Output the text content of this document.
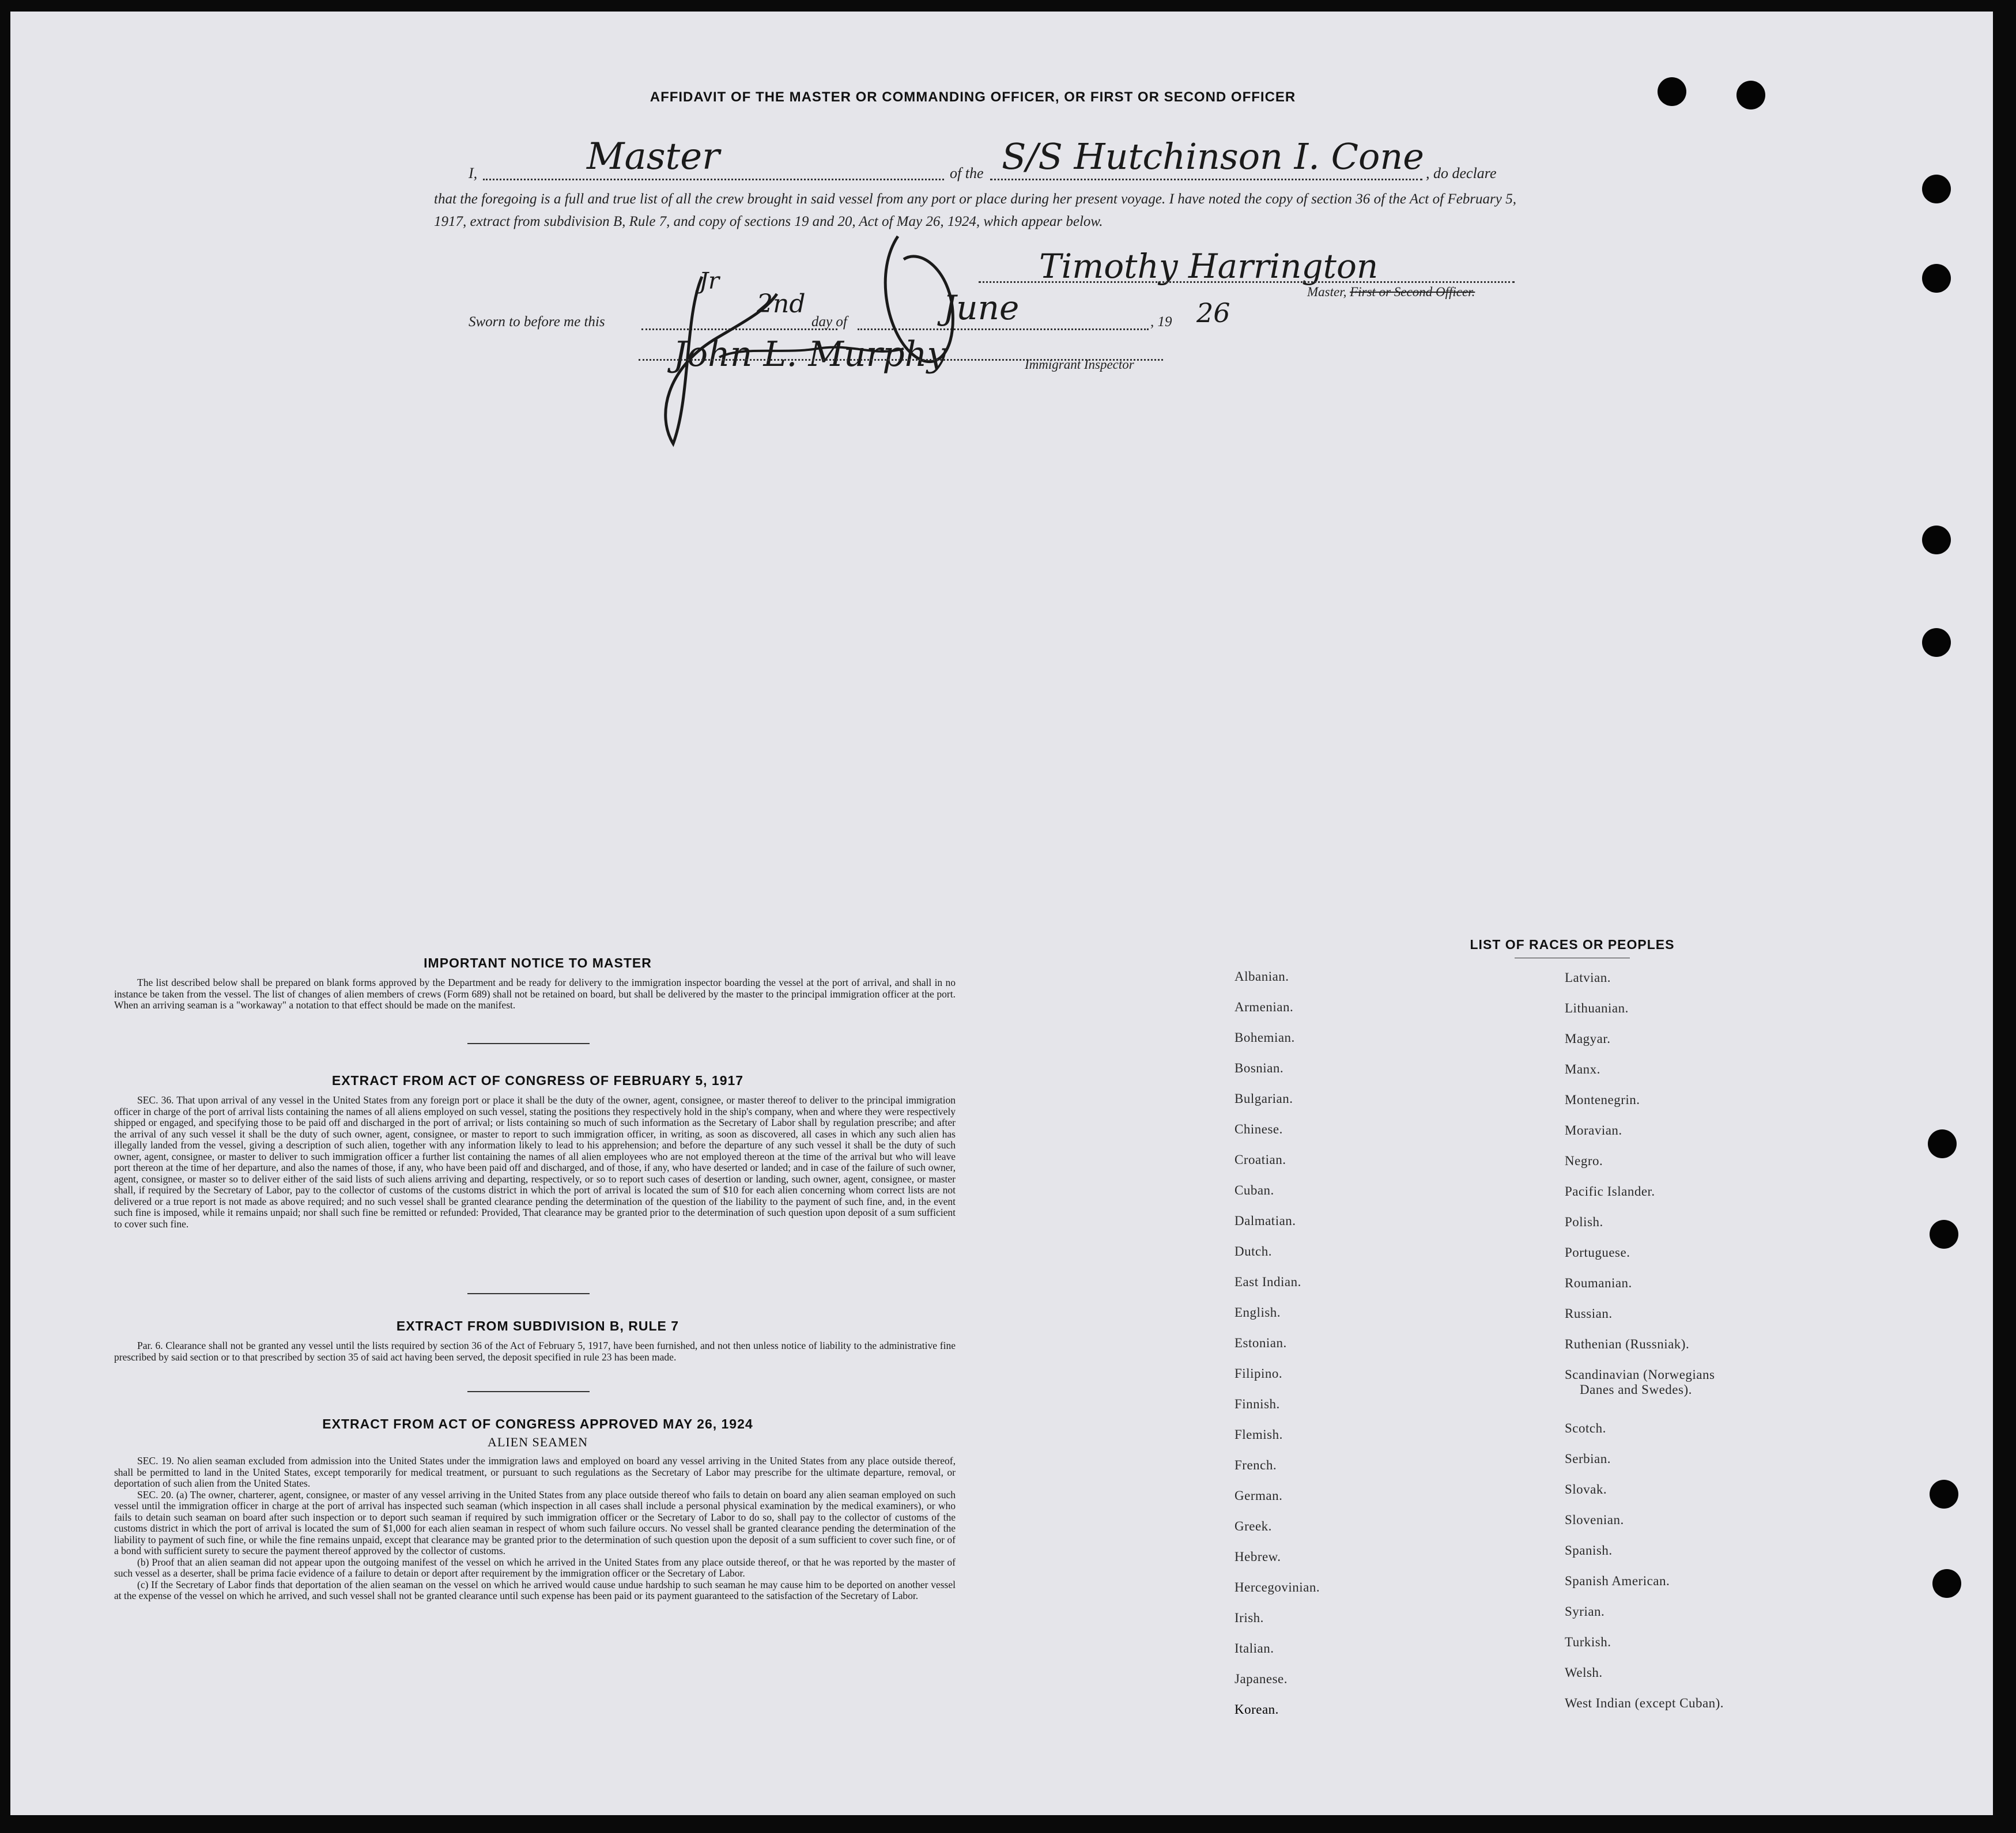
AFFIDAVIT OF THE MASTER OR COMMANDING OFFICER, OR FIRST OR SECOND OFFICER
I,	of the	, do declare
Master	S/S Hutchinson I. Cone
that the foregoing is a full and true list of all the crew brought in said vessel from any port or place during her present voyage. I have noted the copy of section 36 of the Act of February 5, 1917, extract from subdivision B, Rule 7, and copy of sections 19 and 20, Act of May 26, 1924, which appear below.
Timothy Harrington
Master, First or Second Officer.
Sworn to before me this	day of	, 19
2nd	June	26
John L. Murphy
Jr
Immigrant Inspector
IMPORTANT NOTICE TO MASTER

The list described below shall be prepared on blank forms approved by the Department and be ready for delivery to the immigration inspector boarding the vessel at the port of arrival, and shall in no instance be taken from the vessel. The list of changes of alien members of crews (Form 689) shall not be retained on board, but shall be delivered by the master to the principal immigration officer at the port. When an arriving seaman is a "workaway" a notation to that effect should be made on the manifest.

EXTRACT FROM ACT OF CONGRESS OF FEBRUARY 5, 1917

SEC. 36. That upon arrival of any vessel in the United States from any foreign port or place it shall be the duty of the owner, agent, consignee, or master thereof to deliver to the principal immigration officer in charge of the port of arrival lists containing the names of all aliens employed on such vessel, stating the positions they respectively hold in the ship's company, when and where they were respectively shipped or engaged, and specifying those to be paid off and discharged in the port of arrival; or lists containing so much of such information as the Secretary of Labor shall by regulation prescribe; and after the arrival of any such vessel it shall be the duty of such owner, agent, consignee, or master to report to such immigration officer, in writing, as soon as discovered, all cases in which any such alien has illegally landed from the vessel, giving a description of such alien, together with any information likely to lead to his apprehension; and before the departure of any such vessel it shall be the duty of such owner, agent, consignee, or master to deliver to such immigration officer a further list containing the names of all alien employees who are not employed thereon at the time of the arrival but who will leave port thereon at the time of her departure, and also the names of those, if any, who have been paid off and discharged, and of those, if any, who have deserted or landed; and in case of the failure of such owner, agent, consignee, or master so to deliver either of the said lists of such aliens arriving and departing, respectively, or so to report such cases of desertion or landing, such owner, agent, consignee, or master shall, if required by the Secretary of Labor, pay to the collector of customs of the customs district in which the port of arrival is located the sum of $10 for each alien concerning whom correct lists are not delivered or a true report is not made as above required; and no such vessel shall be granted clearance pending the determination of the question of the liability to the payment of such fine, and, in the event such fine is imposed, while it remains unpaid; nor shall such fine be remitted or refunded: Provided, That clearance may be granted prior to the determination of such question upon deposit of a sum sufficient to cover such fine.

EXTRACT FROM SUBDIVISION B, RULE 7

Par. 6. Clearance shall not be granted any vessel until the lists required by section 36 of the Act of February 5, 1917, have been furnished, and not then unless notice of liability to the administrative fine prescribed by said section or to that prescribed by section 35 of said act having been served, the deposit specified in rule 23 has been made.

EXTRACT FROM ACT OF CONGRESS APPROVED MAY 26, 1924
ALIEN SEAMEN

SEC. 19. No alien seaman excluded from admission into the United States under the immigration laws and employed on board any vessel arriving in the United States from any place outside thereof, shall be permitted to land in the United States, except temporarily for medical treatment, or pursuant to such regulations as the Secretary of Labor may prescribe for the ultimate departure, removal, or deportation of such alien from the United States.

SEC. 20. (a) The owner, charterer, agent, consignee, or master of any vessel arriving in the United States from any place outside thereof who fails to detain on board any alien seaman employed on such vessel until the immigration officer in charge at the port of arrival has inspected such seaman (which inspection in all cases shall include a personal physical examination by the medical examiners), or who fails to detain such seaman on board after such inspection or to deport such seaman if required by such immigration officer or the Secretary of Labor to do so, shall pay to the collector of customs of the customs district in which the port of arrival is located the sum of $1,000 for each alien seaman in respect of whom such failure occurs. No vessel shall be granted clearance pending the determination of the liability to payment of such fine, or while the fine remains unpaid, except that clearance may be granted prior to the determination of such question upon the deposit of a sum sufficient to cover such fine, or of a bond with sufficient surety to secure the payment thereof approved by the collector of customs.

(b) Proof that an alien seaman did not appear upon the outgoing manifest of the vessel on which he arrived in the United States from any place outside thereof, or that he was reported by the master of such vessel as a deserter, shall be prima facie evidence of a failure to detain or deport after requirement by the immigration officer or the Secretary of Labor.

(c) If the Secretary of Labor finds that deportation of the alien seaman on the vessel on which he arrived would cause undue hardship to such seaman he may cause him to be deported on another vessel at the expense of the vessel on which he arrived, and such vessel shall not be granted clearance until such expense has been paid or its payment guaranteed to the satisfaction of the Secretary of Labor.

LIST OF RACES OR PEOPLES
Albanian.
Armenian.
Bohemian.
Bosnian.
Bulgarian.
Chinese.
Croatian.
Cuban.
Dalmatian.
Dutch.
East Indian.
English.
Estonian.
Filipino.
Finnish.
Flemish.
French.
German.
Greek.
Hebrew.
Hercegovinian.
Irish.
Italian.
Japanese.
Korean.
Latvian.
Lithuanian.
Magyar.
Manx.
Montenegrin.
Moravian.
Negro.
Pacific Islander.
Polish.
Portuguese.
Roumanian.
Russian.
Ruthenian (Russniak).
Scandinavian (Norwegians
Danes and Swedes).
Scotch.
Serbian.
Slovak.
Slovenian.
Spanish.
Spanish American.
Syrian.
Turkish.
Welsh.
West Indian (except Cuban).
